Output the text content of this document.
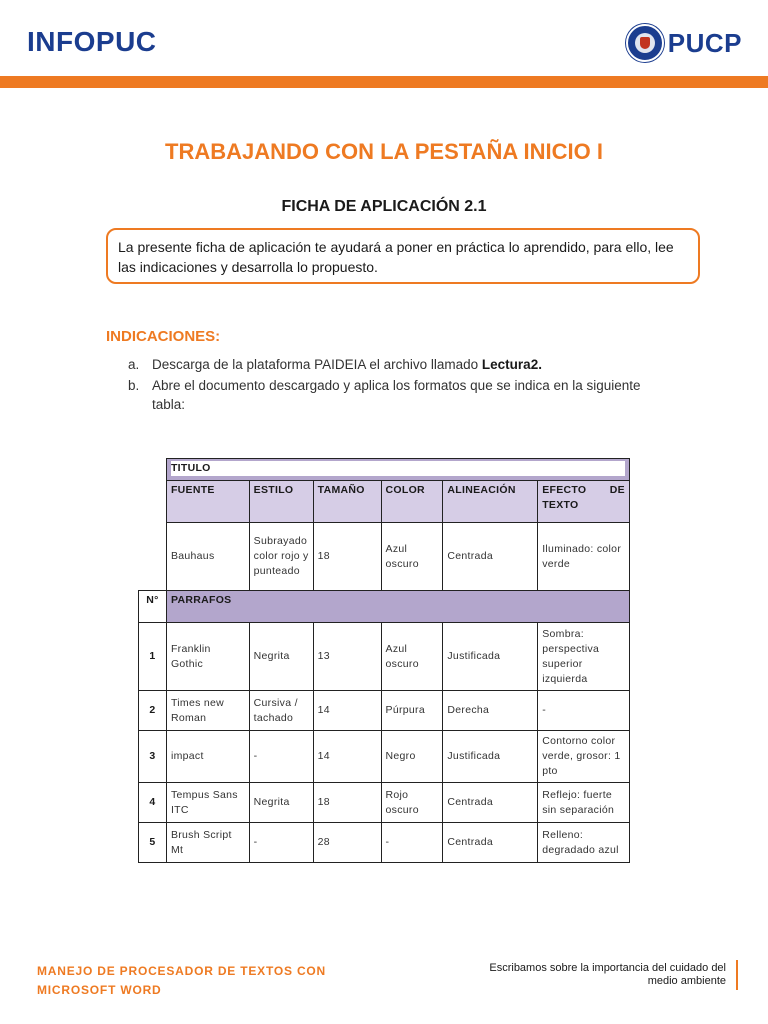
INFOPUC	PUCP
TRABAJANDO CON LA PESTAÑA INICIO I
FICHA DE APLICACIÓN 2.1
La presente ficha de aplicación te ayudará a poner en práctica lo aprendido, para ello, lee las indicaciones y desarrolla lo propuesto.
INDICACIONES:
a. Descarga de la plataforma PAIDEIA el archivo llamado Lectura2.
b. Abre el documento descargado y aplica los formatos que se indica en la siguiente tabla:

	TITULO					

	FUENTE	ESTILO	TAMAÑO	COLOR	ALINEACIÓN	EFECTO DE TEXTO
	Bauhaus	Subrayado color rojo y punteado	18	Azul oscuro	Centrada	Iluminado: color verde
N°	PARRAFOS					

1	Franklin Gothic	Negrita	13	Azul oscuro	Justificada	Sombra: perspectiva superior izquierda
2	Times new Roman	Cursiva / tachado	14	Púrpura	Derecha	-
3	impact	-	14	Negro	Justificada	Contorno color verde, grosor: 1 pto
4	Tempus Sans ITC	Negrita	18	Rojo oscuro	Centrada	Reflejo: fuerte sin separación
5	Brush Script Mt	-	28	-	Centrada	Relleno: degradado azul
MANEJO DE PROCESADOR DE TEXTOS CON
MICROSOFT WORD
Escribamos sobre la importancia del cuidado del
medio ambiente
